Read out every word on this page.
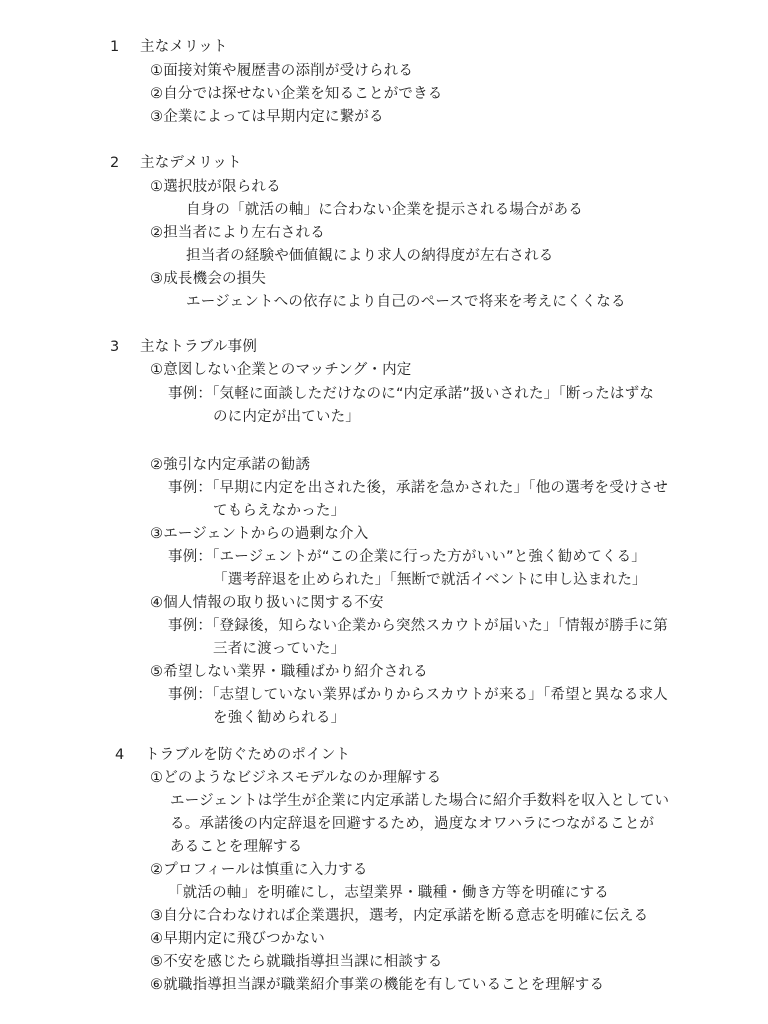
1 主なメリット
①面接対策や履歴書の添削が受けられる
②自分では探せない企業を知ることができる
③企業によっては早期内定に繋がる
2 主なデメリット
①選択肢が限られる
自身の「就活の軸」に合わない企業を提示される場合がある
②担当者により左右される
担当者の経験や価値観により求人の納得度が左右される
③成長機会の損失
エージェントへの依存により自己のペースで将来を考えにくくなる
3 主なトラブル事例
①意図しない企業とのマッチング・内定
事例：「気軽に面談しただけなのに“内定承諾”扱いされた」「断ったはずな
のに内定が出ていた」
②強引な内定承諾の勧誘
事例：「早期に内定を出された後，承諾を急かされた」「他の選考を受けさせ
てもらえなかった」
③エージェントからの過剰な介入
事例：「エージェントが“この企業に行った方がいい”と強く勧めてくる」
「選考辞退を止められた」「無断で就活イベントに申し込まれた」
④個人情報の取り扱いに関する不安
事例：「登録後，知らない企業から突然スカウトが届いた」「情報が勝手に第
三者に渡っていた」
⑤希望しない業界・職種ばかり紹介される
事例：「志望していない業界ばかりからスカウトが来る」「希望と異なる求人
を強く勧められる」
4 トラブルを防ぐためのポイント
①どのようなビジネスモデルなのか理解する
エージェントは学生が企業に内定承諾した場合に紹介手数料を収入としてい
る。承諾後の内定辞退を回避するため，過度なオワハラにつながることが
あることを理解する
②プロフィールは慎重に入力する
「就活の軸」を明確にし，志望業界・職種・働き方等を明確にする
③自分に合わなければ企業選択，選考，内定承諾を断る意志を明確に伝える
④早期内定に飛びつかない
⑤不安を感じたら就職指導担当課に相談する
⑥就職指導担当課が職業紹介事業の機能を有していることを理解する
